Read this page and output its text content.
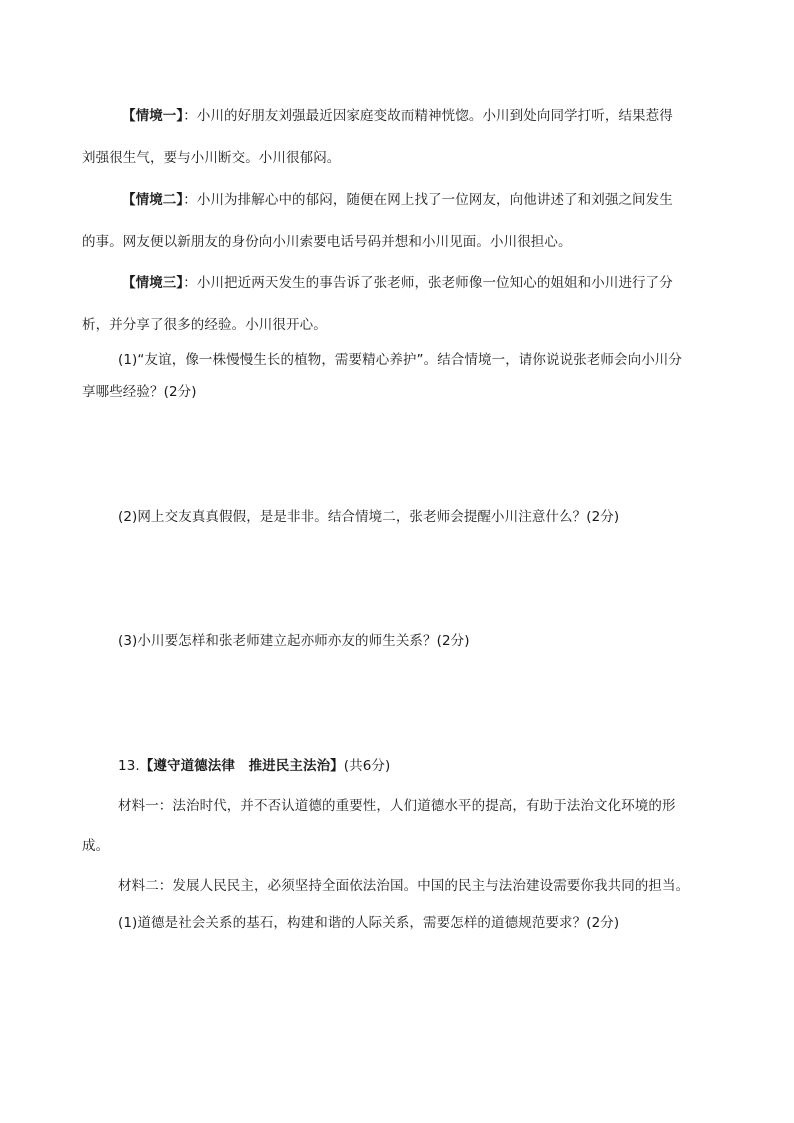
【情境一】：小川的好朋友刘强最近因家庭变故而精神恍惚。小川到处向同学打听，结果惹得
刘强很生气，要与小川断交。小川很郁闷。
【情境二】：小川为排解心中的郁闷，随便在网上找了一位网友，向他讲述了和刘强之间发生
的事。网友便以新朋友的身份向小川索要电话号码并想和小川见面。小川很担心。
【情境三】：小川把近两天发生的事告诉了张老师，张老师像一位知心的姐姐和小川进行了分
析，并分享了很多的经验。小川很开心。
(1)“友谊，像一株慢慢生长的植物，需要精心养护”。结合情境一，请你说说张老师会向小川分
享哪些经验？(2分)
(2)网上交友真真假假，是是非非。结合情境二，张老师会提醒小川注意什么？(2分)
(3)小川要怎样和张老师建立起亦师亦友的师生关系？(2分)
13.【遵守道德法律　推进民主法治】(共6分)
材料一：法治时代，并不否认道德的重要性，人们道德水平的提高，有助于法治文化环境的形
成。
材料二：发展人民民主，必须坚持全面依法治国。中国的民主与法治建设需要你我共同的担当。
(1)道德是社会关系的基石，构建和谐的人际关系，需要怎样的道德规范要求？(2分)
